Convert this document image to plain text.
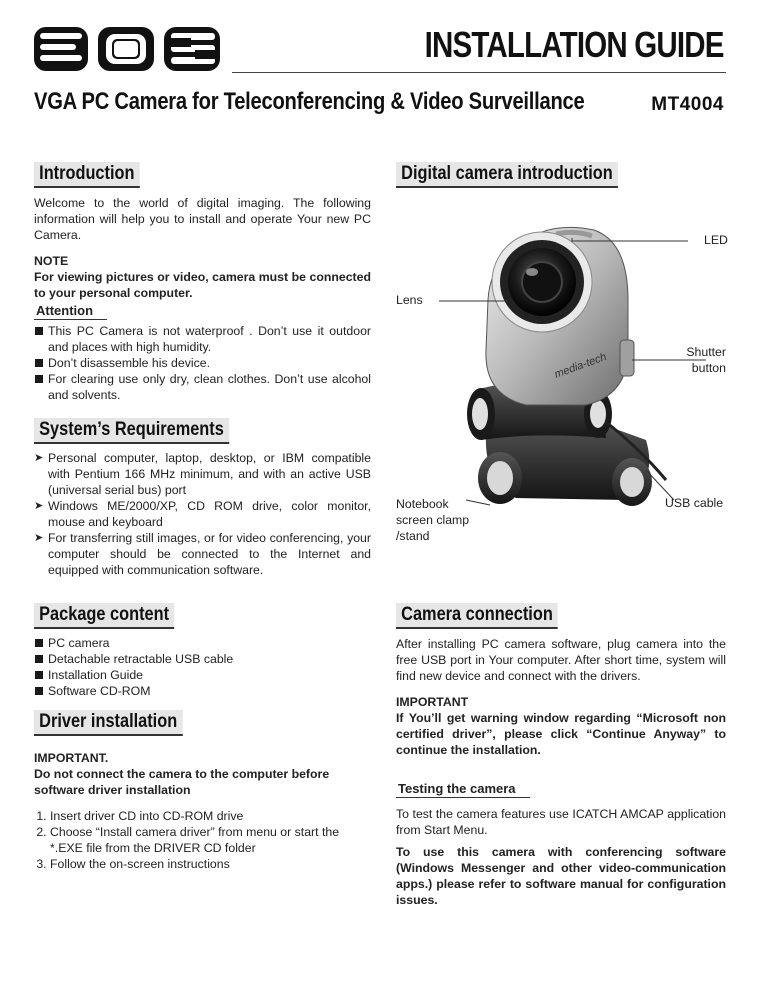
INSTALLATION GUIDE
VGA PC Camera for Teleconferencing & Video Surveillance	MT4004
Introduction
Welcome to the world of digital imaging. The following information will help you to install and operate Your new PC Camera.
NOTE
For viewing pictures or video, camera must be connected to your personal computer.
Attention
This PC Camera is not waterproof . Don’t use it outdoor and places with high humidity.
Don’t disassemble his device.
For clearing use only dry, clean clothes. Don’t use alcohol and solvents.
System’s Requirements
➤ Personal computer, laptop, desktop, or IBM compatible with Pentium 166 MHz minimum, and with an active USB (universal serial bus) port
➤ Windows ME/2000/XP, CD ROM drive, color monitor, mouse and keyboard
➤ For transferring still images, or for video conferencing, your computer should be connected to the Internet and equipped with communication software.
Package content
PC camera
Detachable retractable USB cable
Installation Guide
Software CD-ROM
Driver installation
IMPORTANT.
Do not connect the camera to the computer before software driver installation
1. Insert driver CD into CD-ROM drive
2. Choose “Install camera driver” from menu or start the *.EXE file from the DRIVER CD folder
3. Follow the on-screen instructions
Digital camera introduction
media-tech
LED
Lens
Shutter button
Notebook screen clamp /stand
USB cable
Camera connection
After installing PC camera software, plug camera into the free USB port in Your computer. After short time, system will find new device and connect with the drivers.
IMPORTANT
If You’ll get warning window regarding “Microsoft non certified driver”, please click “Continue Anyway” to continue the installation.
Testing the camera
To test the camera features use ICATCH AMCAP application from Start Menu.
To use this camera with conferencing software (Windows Messenger and other video-communication apps.) please refer to software manual for configuration issues.
